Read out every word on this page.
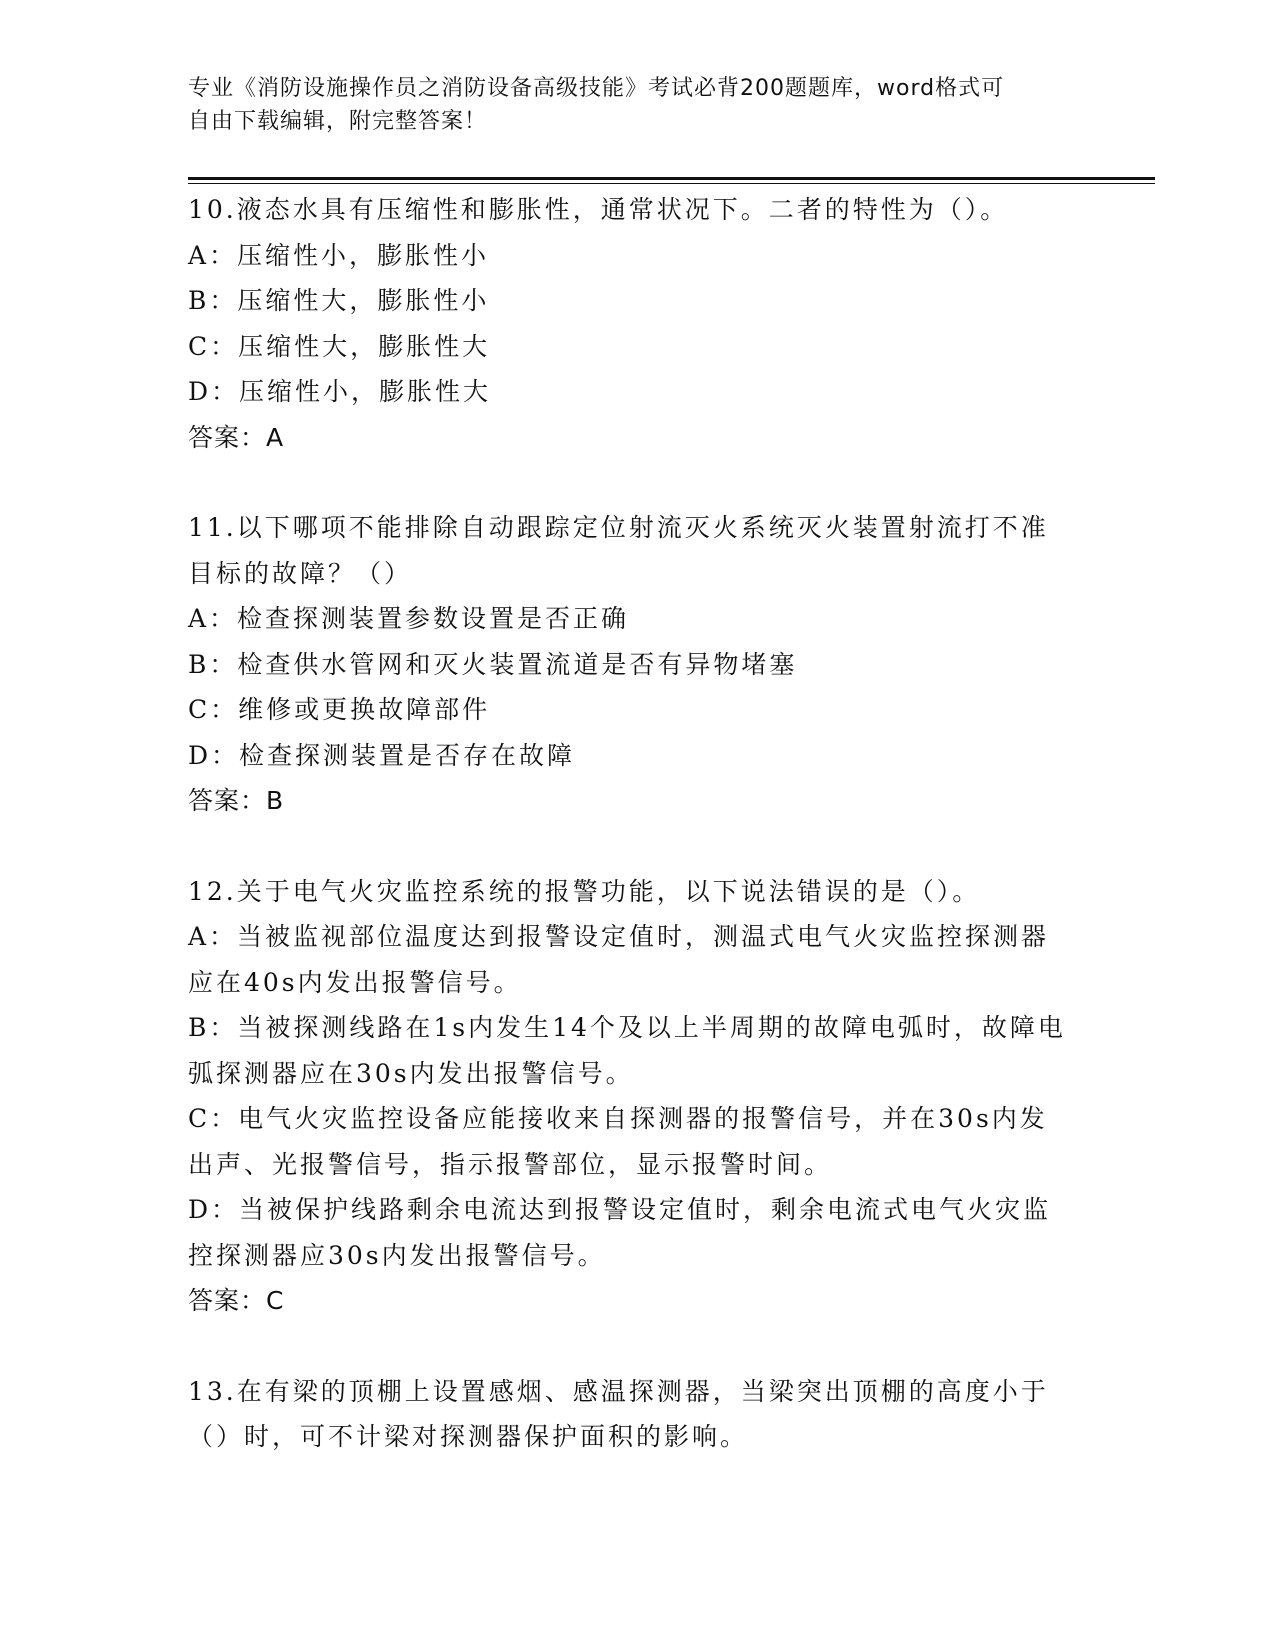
专业《消防设施操作员之消防设备高级技能》考试必背200题题库，word格式可
自由下载编辑，附完整答案！

10.液态水具有压缩性和膨胀性，通常状况下。二者的特性为（）。

A：压缩性小，膨胀性小

B：压缩性大，膨胀性小

C：压缩性大，膨胀性大

D：压缩性小，膨胀性大

答案：A

11.以下哪项不能排除自动跟踪定位射流灭火系统灭火装置射流打不准目标的故障？（）

A：检查探测装置参数设置是否正确

B：检查供水管网和灭火装置流道是否有异物堵塞

C：维修或更换故障部件

D：检查探测装置是否存在故障

答案：B

12.关于电气火灾监控系统的报警功能，以下说法错误的是（）。

A：当被监视部位温度达到报警设定值时，测温式电气火灾监控探测器应在40s内发出报警信号。

B：当被探测线路在1s内发生14个及以上半周期的故障电弧时，故障电弧探测器应在30s内发出报警信号。

C：电气火灾监控设备应能接收来自探测器的报警信号，并在30s内发出声、光报警信号，指示报警部位，显示报警时间。

D：当被保护线路剩余电流达到报警设定值时，剩余电流式电气火灾监控探测器应30s内发出报警信号。

答案：C

13.在有梁的顶棚上设置感烟、感温探测器，当梁突出顶棚的高度小于（）时，可不计梁对探测器保护面积的影响。
